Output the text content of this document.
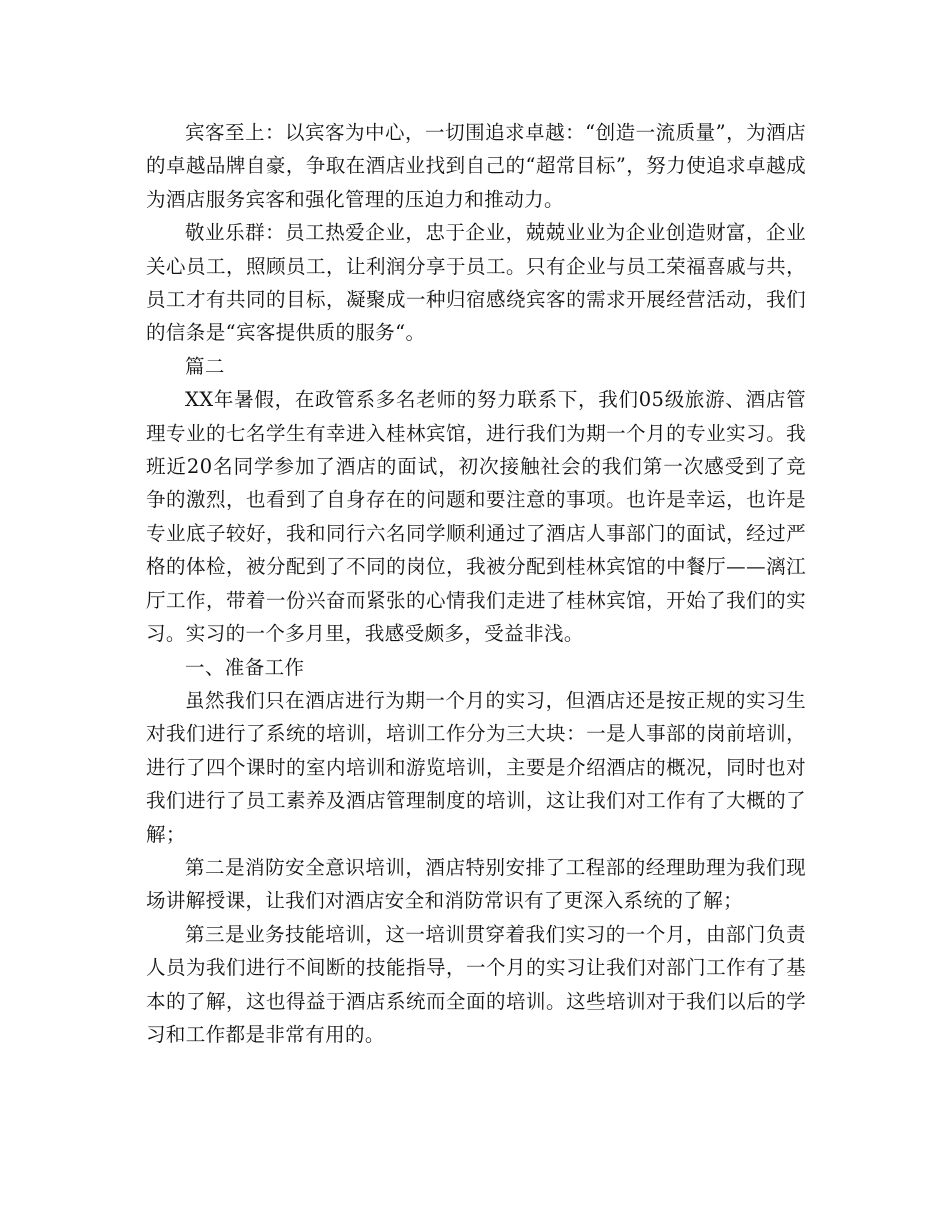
宾客至上：以宾客为中心，一切围追求卓越：“创造一流质量”，为酒店的卓越品牌自豪，争取在酒店业找到自己的“超常目标”，努力使追求卓越成为酒店服务宾客和强化管理的压迫力和推动力。

敬业乐群：员工热爱企业，忠于企业，兢兢业业为企业创造财富，企业关心员工，照顾员工，让利润分享于员工。只有企业与员工荣福喜戚与共，员工才有共同的目标，凝聚成一种归宿感绕宾客的需求开展经营活动，我们的信条是“宾客提供质的服务“。

篇二

XX年暑假，在政管系多名老师的努力联系下，我们05级旅游、酒店管理专业的七名学生有幸进入桂林宾馆，进行我们为期一个月的专业实习。我班近20名同学参加了酒店的面试，初次接触社会的我们第一次感受到了竞争的激烈，也看到了自身存在的问题和要注意的事项。也许是幸运，也许是专业底子较好，我和同行六名同学顺利通过了酒店人事部门的面试，经过严格的体检，被分配到了不同的岗位，我被分配到桂林宾馆的中餐厅——漓江厅工作，带着一份兴奋而紧张的心情我们走进了桂林宾馆，开始了我们的实习。实习的一个多月里，我感受颇多，受益非浅。

一、准备工作

虽然我们只在酒店进行为期一个月的实习，但酒店还是按正规的实习生对我们进行了系统的培训，培训工作分为三大块：一是人事部的岗前培训，进行了四个课时的室内培训和游览培训，主要是介绍酒店的概况，同时也对我们进行了员工素养及酒店管理制度的培训，这让我们对工作有了大概的了解；

第二是消防安全意识培训，酒店特别安排了工程部的经理助理为我们现场讲解授课，让我们对酒店安全和消防常识有了更深入系统的了解；

第三是业务技能培训，这一培训贯穿着我们实习的一个月，由部门负责人员为我们进行不间断的技能指导，一个月的实习让我们对部门工作有了基本的了解，这也得益于酒店系统而全面的培训。这些培训对于我们以后的学习和工作都是非常有用的。
